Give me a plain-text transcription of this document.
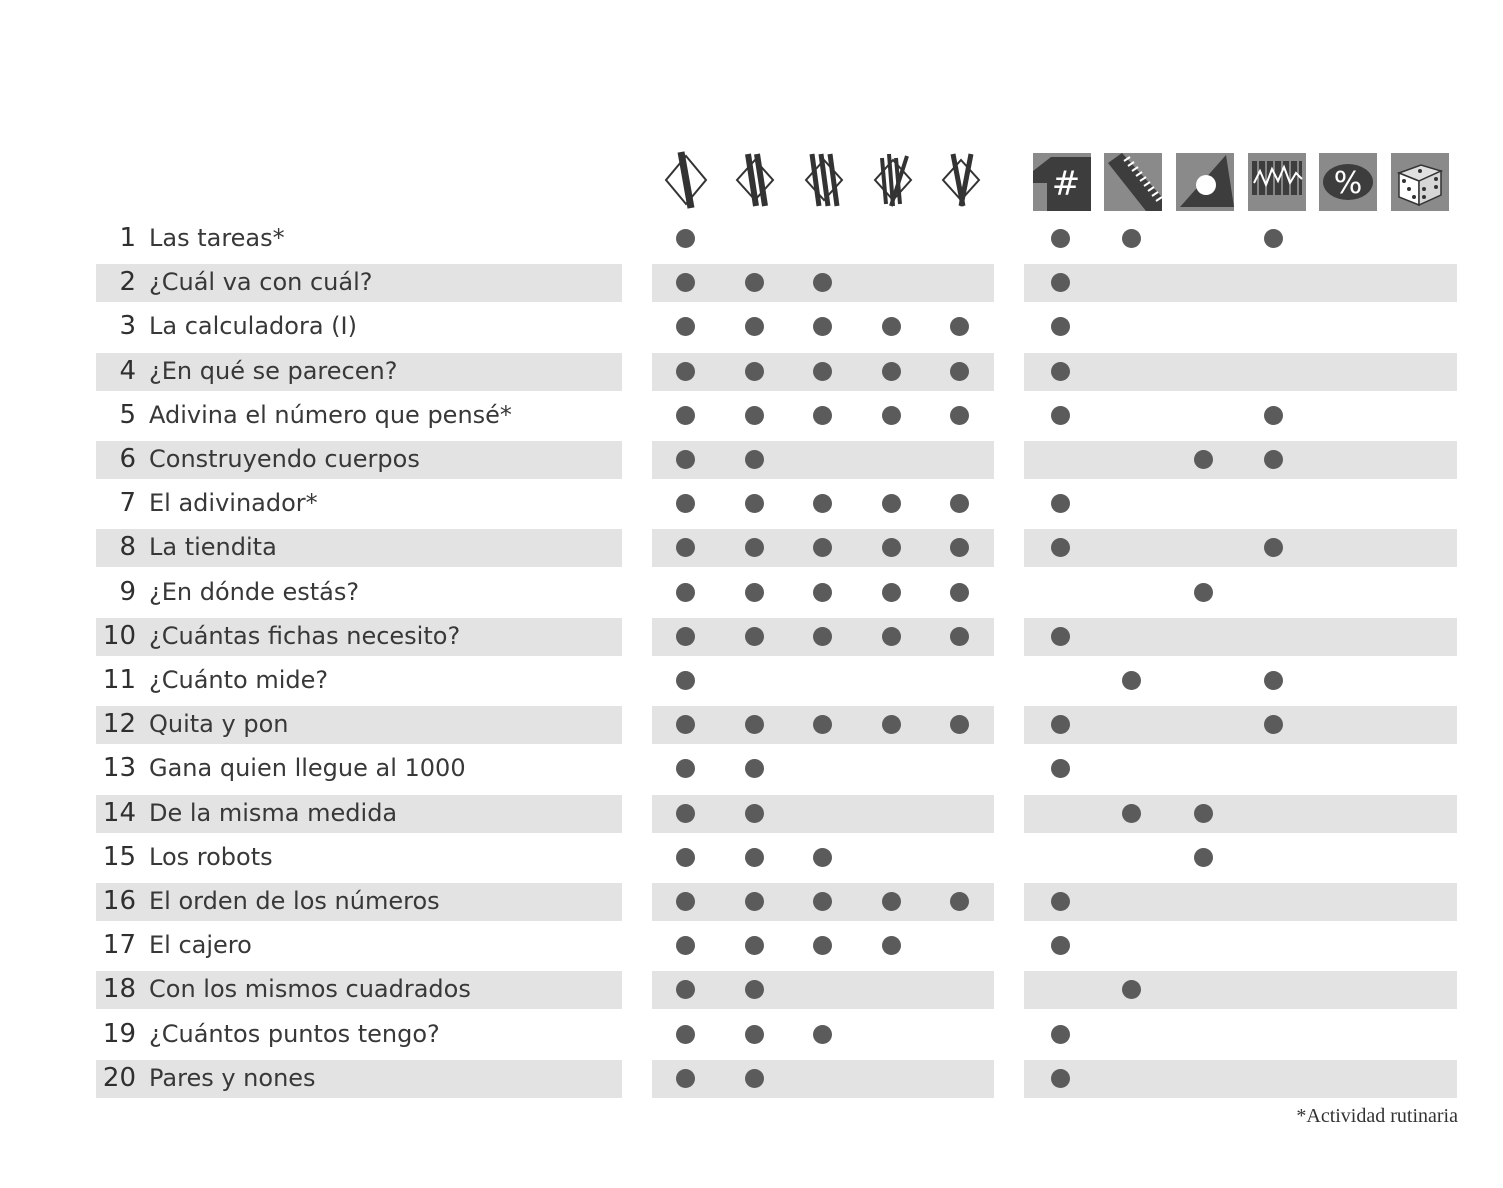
#	%
1 Las tareas*
2 ¿Cuál va con cuál?
3 La calculadora (I)
4 ¿En qué se parecen?
5 Adivina el número que pensé*
6 Construyendo cuerpos
7 El adivinador*
8 La tiendita
9 ¿En dónde estás?
10 ¿Cuántas fichas necesito?
11 ¿Cuánto mide?
12 Quita y pon
13 Gana quien llegue al 1000
14 De la misma medida
15 Los robots
16 El orden de los números
17 El cajero
18 Con los mismos cuadrados
19 ¿Cuántos puntos tengo?
20 Pares y nones
*Actividad rutinaria
